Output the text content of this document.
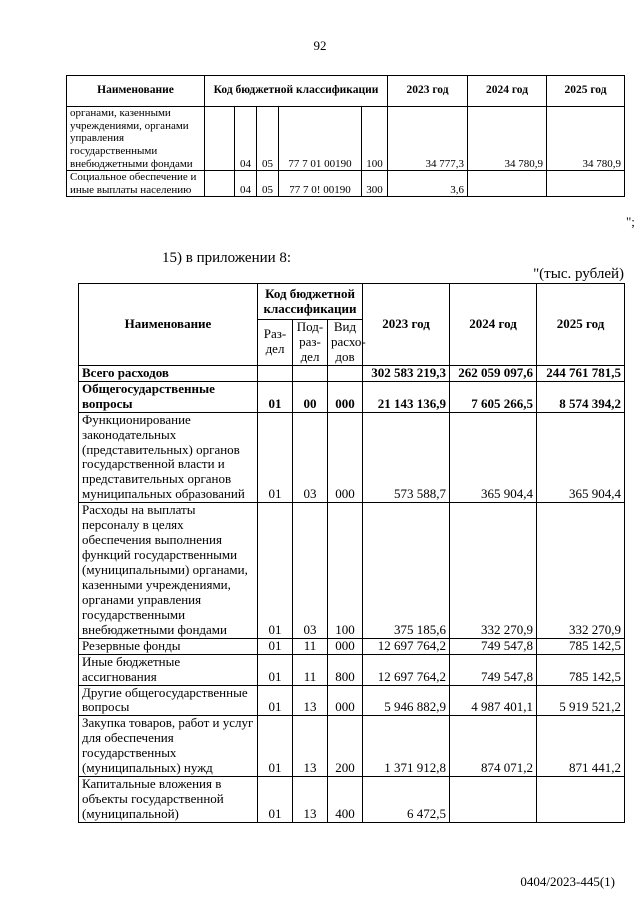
92
Наименование	Код бюджетной классификации					2023 год	2024 год	2025 год
органами, казенными учреждениями, органами управления государственными внебюджетными фондами		04	05	77 7 01 00190	100	34 777,3	34 780,9	34 780,9
Социальное обеспечение и иные выплаты населению		04	05	77 7 0! 00190	300	3,6		
";
15) в приложении 8:
"(тыс. рублей)
Наименование	Код бюджетной классификации			2023 год	2024 год	2025 год
	Раз-дел	Под-раз-дел	Вид расхо-дов			
Всего расходов				302 583 219,3	262 059 097,6	244 761 781,5
Общегосударственные вопросы	01	00	000	21 143 136,9	7 605 266,5	8 574 394,2
Функционирование законодательных (представительных) органов государственной власти и представительных органов муниципальных образований	01	03	000	573 588,7	365 904,4	365 904,4
Расходы на выплаты персоналу в целях обеспечения выполнения функций государственными (муниципальными) органами, казенными учреждениями, органами управления государственными внебюджетными фондами	01	03	100	375 185,6	332 270,9	332 270,9
Резервные фонды	01	11	000	12 697 764,2	749 547,8	785 142,5
Иные бюджетные ассигнования	01	11	800	12 697 764,2	749 547,8	785 142,5
Другие общегосударственные вопросы	01	13	000	5 946 882,9	4 987 401,1	5 919 521,2
Закупка товаров, работ и услуг для обеспечения государственных (муниципальных) нужд	01	13	200	1 371 912,8	874 071,2	871 441,2
Капитальные вложения в объекты государственной (муниципальной)	01	13	400	6 472,5		
0404/2023-445(1)
